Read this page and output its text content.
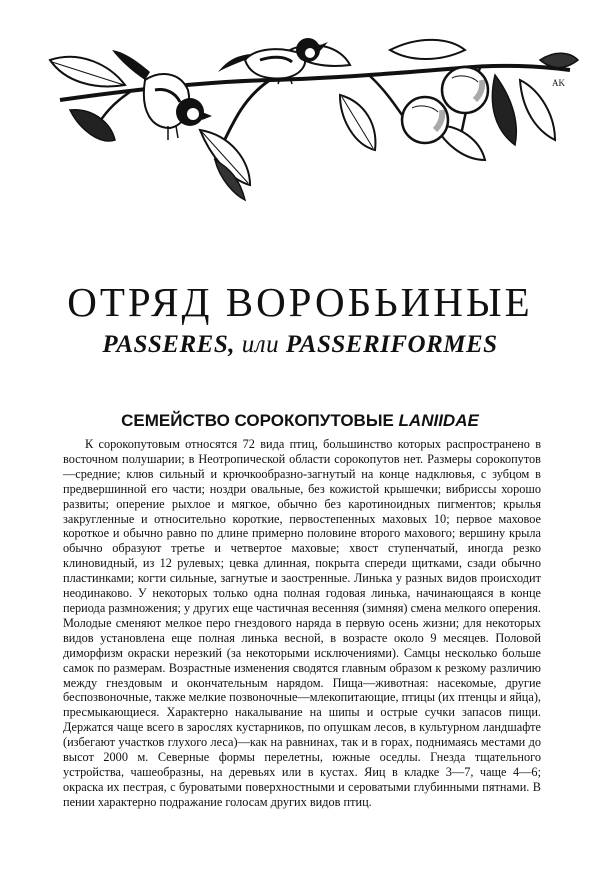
AK
ОТРЯД ВОРОБЬИНЫЕ
PASSERES, или PASSERIFORMES
СЕМЕЙСТВО СОРОКОПУТОВЫЕ LANIIDAE

К сорокопутовым относятся 72 вида птиц, большинство которых распространено в восточном полушарии; в Неотропической области сорокопутов нет. Размеры сорокопутов—средние; клюв сильный и крючкообразно-загнутый на конце надклювья, с зубцом в предвершинной его части; ноздри овальные, без кожистой крышечки; вибриссы хорошо развиты; оперение рыхлое и мягкое, обычно без каротиноидных пигментов; крылья закругленные и относительно короткие, первостепенных маховых 10; первое маховое короткое и обычно равно по длине примерно половине второго махового; вершину крыла обычно образуют третье и четвертое маховые; хвост ступенчатый, иногда резко клиновидный, из 12 рулевых; цевка длинная, покрыта спереди щитками, сзади обычно пластинками; когти сильные, загнутые и заостренные. Линька у разных видов происходит неодинаково. У некоторых только одна полная годовая линька, начинающаяся в конце периода размножения; у других еще частичная весенняя (зимняя) смена мелкого оперения. Молодые сменяют мелкое перо гнездового наряда в первую осень жизни; для некоторых видов установлена еще полная линька весной, в возрасте около 9 месяцев. Половой диморфизм окраски нерезкий (за некоторыми исключениями). Самцы несколько больше самок по размерам. Возрастные изменения сводятся главным образом к резкому различию между гнездовым и окончательным нарядом. Пища—животная: насекомые, другие беспозвоночные, также мелкие позвоночные—млекопитающие, птицы (их птенцы и яйца), пресмыкающиеся. Характерно накалывание на шипы и острые сучки запасов пищи. Держатся чаще всего в зарослях кустарников, по опушкам лесов, в культурном ландшафте (избегают участков глухого леса)—как на равнинах, так и в горах, поднимаясь местами до высот 2000 м. Северные формы перелетны, южные оседлы. Гнезда тщательного устройства, чашеобразны, на деревьях или в кустах. Яиц в кладке 3—7, чаще 4—6; окраска их пестрая, с буроватыми поверхностными и сероватыми глубинными пятнами. В пении характерно подражание голосам других видов птиц.
